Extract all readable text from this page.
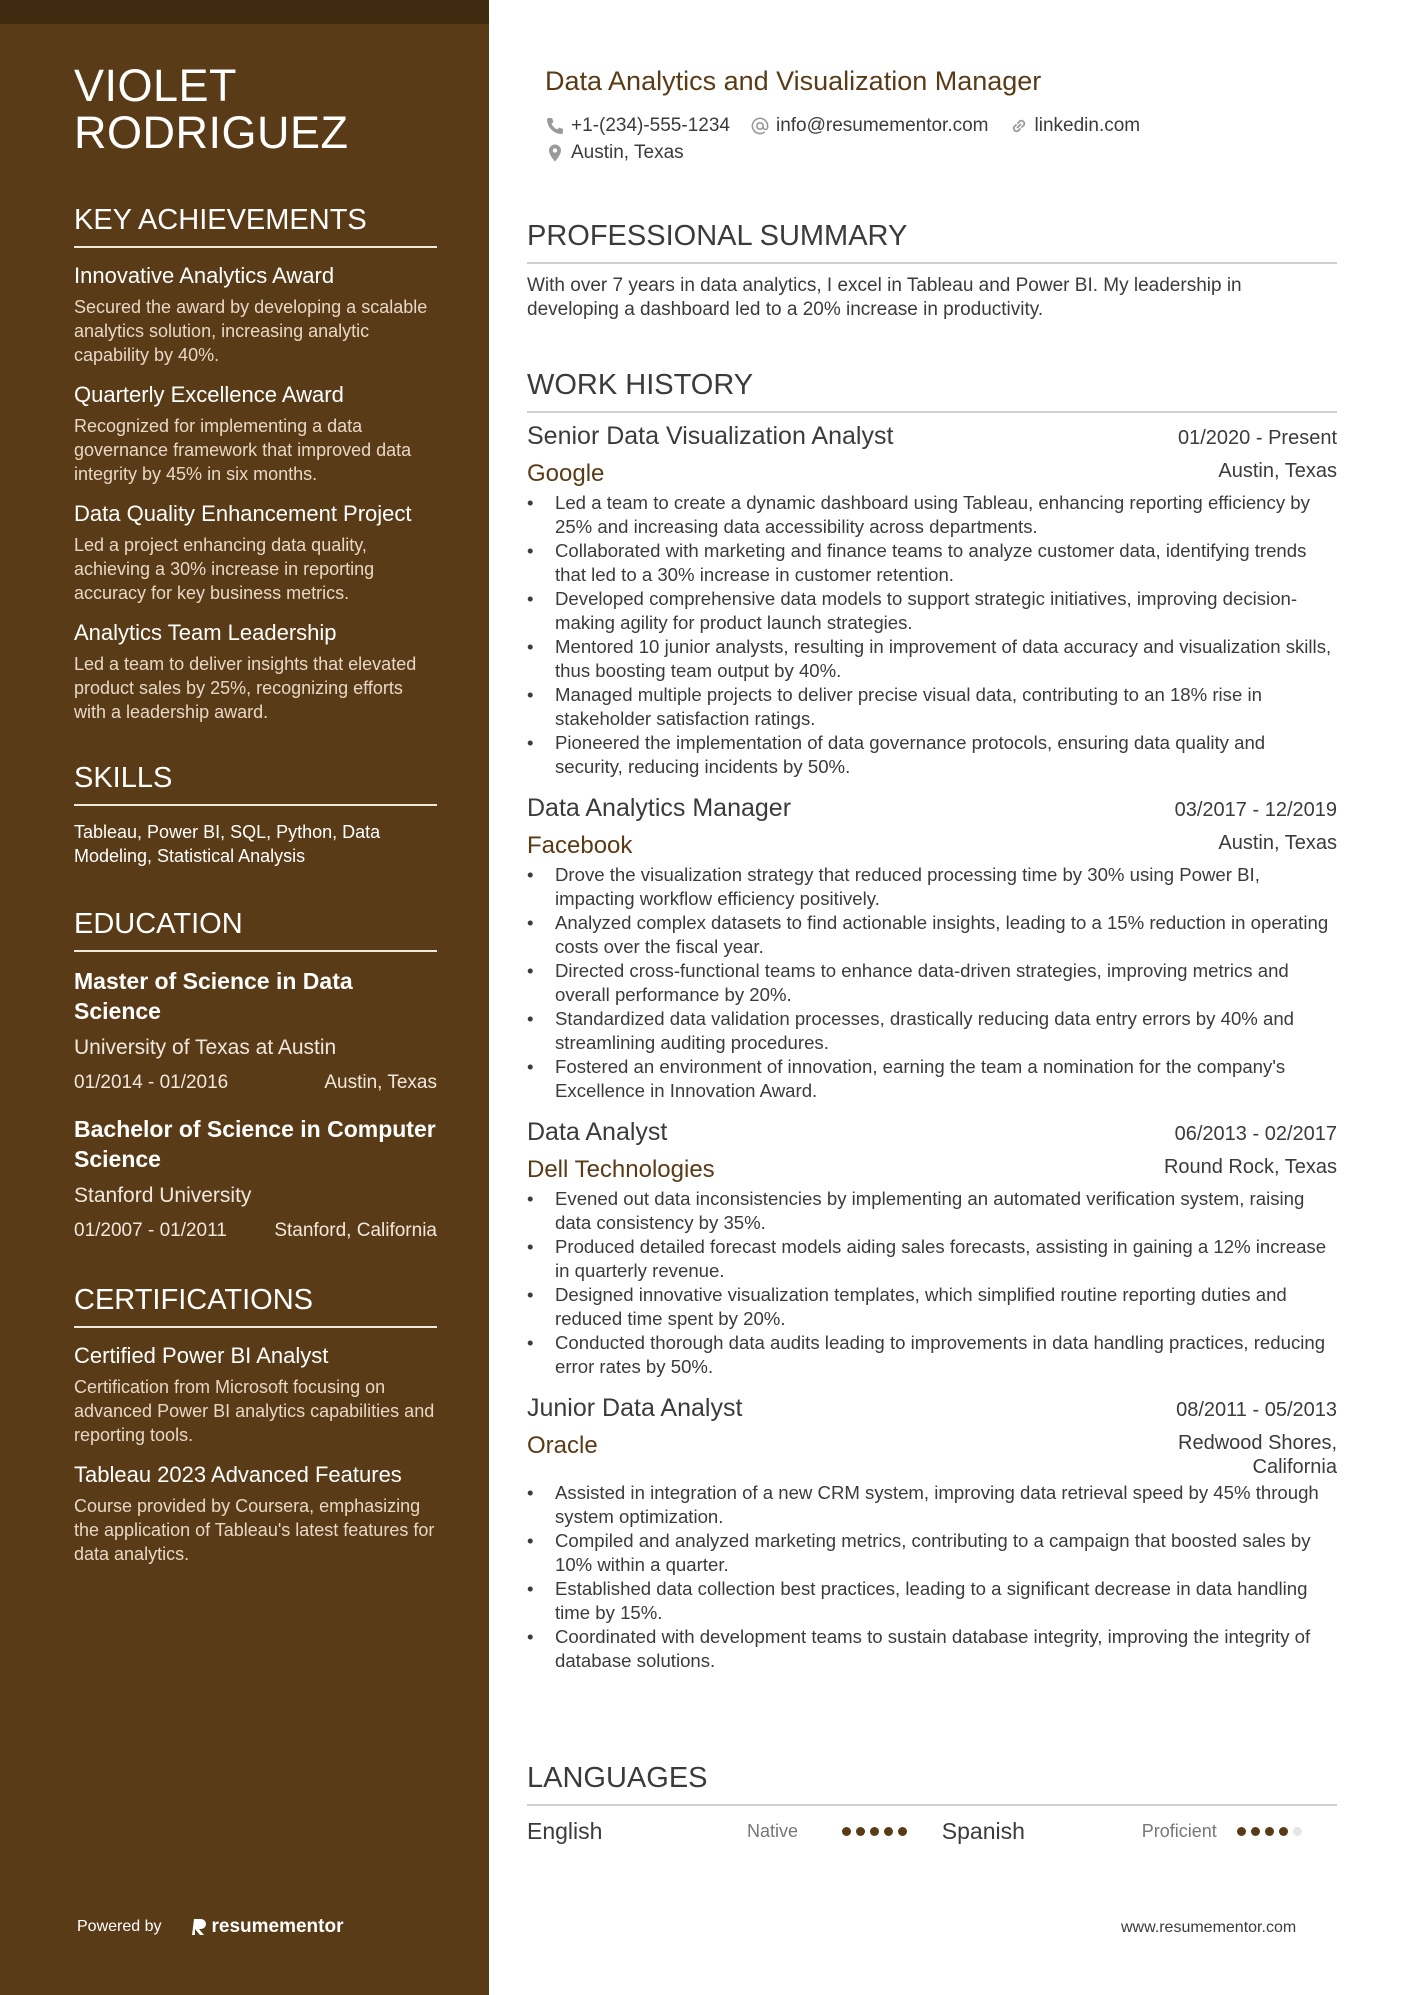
VIOLET
RODRIGUEZ
KEY ACHIEVEMENTS
Innovative Analytics Award
Secured the award by developing a scalable analytics solution, increasing analytic capability by 40%.
Quarterly Excellence Award
Recognized for implementing a data governance framework that improved data integrity by 45% in six months.
Data Quality Enhancement Project
Led a project enhancing data quality, achieving a 30% increase in reporting accuracy for key business metrics.
Analytics Team Leadership
Led a team to deliver insights that elevated product sales by 25%, recognizing efforts with a leadership award.
SKILLS
Tableau, Power BI, SQL, Python, Data Modeling, Statistical Analysis
EDUCATION
Master of Science in Data Science
University of Texas at Austin
01/2014 - 01/2016	Austin, Texas
Bachelor of Science in Computer Science
Stanford University
01/2007 - 01/2011	Stanford, California
CERTIFICATIONS
Certified Power BI Analyst
Certification from Microsoft focusing on advanced Power BI analytics capabilities and reporting tools.
Tableau 2023 Advanced Features
Course provided by Coursera, emphasizing the application of Tableau's latest features for data analytics.
Powered by	resumementor
Data Analytics and Visualization Manager
+1-(234)-555-1234 info@resumementor.com linkedin.com
Austin, Texas
PROFESSIONAL SUMMARY
With over 7 years in data analytics, I excel in Tableau and Power BI. My leadership in developing a dashboard led to a 20% increase in productivity.
WORK HISTORY
Senior Data Visualization Analyst	01/2020 - Present
Google	Austin, Texas
• Led a team to create a dynamic dashboard using Tableau, enhancing reporting efficiency by 25% and increasing data accessibility across departments.
• Collaborated with marketing and finance teams to analyze customer data, identifying trends that led to a 30% increase in customer retention.
• Developed comprehensive data models to support strategic initiatives, improving decision-making agility for product launch strategies.
• Mentored 10 junior analysts, resulting in improvement of data accuracy and visualization skills, thus boosting team output by 40%.
• Managed multiple projects to deliver precise visual data, contributing to an 18% rise in stakeholder satisfaction ratings.
• Pioneered the implementation of data governance protocols, ensuring data quality and security, reducing incidents by 50%.
Data Analytics Manager	03/2017 - 12/2019
Facebook	Austin, Texas
• Drove the visualization strategy that reduced processing time by 30% using Power BI, impacting workflow efficiency positively.
• Analyzed complex datasets to find actionable insights, leading to a 15% reduction in operating costs over the fiscal year.
• Directed cross-functional teams to enhance data-driven strategies, improving metrics and overall performance by 20%.
• Standardized data validation processes, drastically reducing data entry errors by 40% and streamlining auditing procedures.
• Fostered an environment of innovation, earning the team a nomination for the company's Excellence in Innovation Award.
Data Analyst	06/2013 - 02/2017
Dell Technologies	Round Rock, Texas
• Evened out data inconsistencies by implementing an automated verification system, raising data consistency by 35%.
• Produced detailed forecast models aiding sales forecasts, assisting in gaining a 12% increase in quarterly revenue.
• Designed innovative visualization templates, which simplified routine reporting duties and reduced time spent by 20%.
• Conducted thorough data audits leading to improvements in data handling practices, reducing error rates by 50%.
Junior Data Analyst	08/2011 - 05/2013
Oracle	Redwood Shores, California
• Assisted in integration of a new CRM system, improving data retrieval speed by 45% through system optimization.
• Compiled and analyzed marketing metrics, contributing to a campaign that boosted sales by 10% within a quarter.
• Established data collection best practices, leading to a significant decrease in data handling time by 15%.
• Coordinated with development teams to sustain database integrity, improving the integrity of database solutions.
LANGUAGES
English	Native	Spanish	Proficient
www.resumementor.com
